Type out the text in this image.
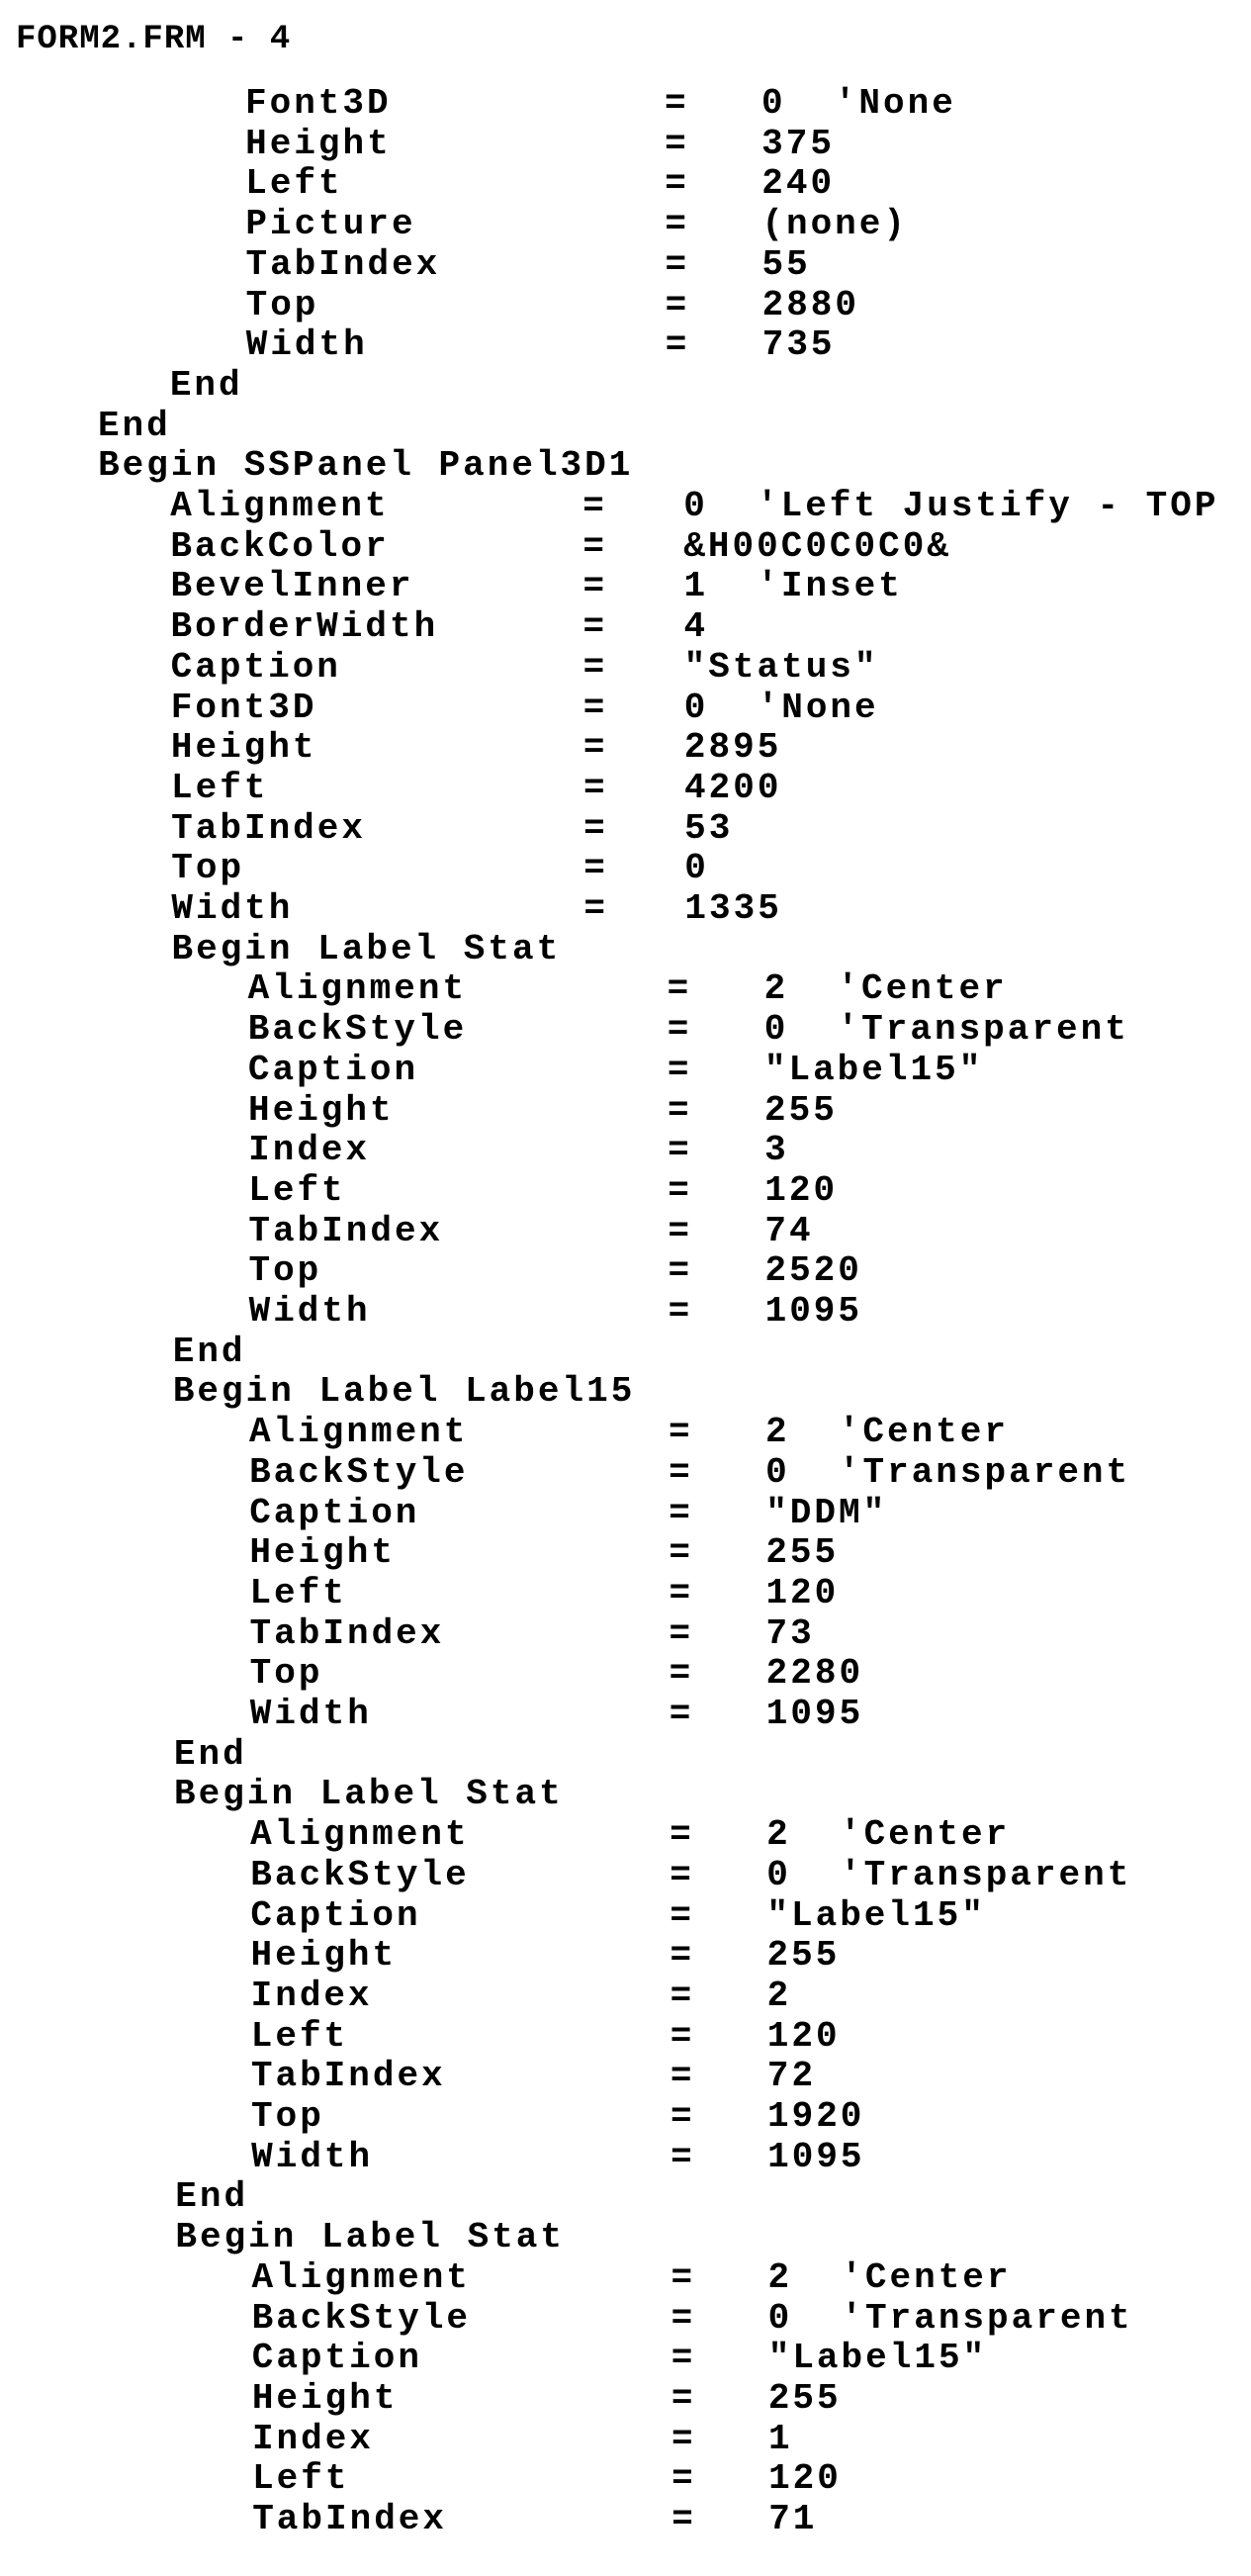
FORM2.FRM - 4
Font3D	= 0  'None
Height	= 375
Left	= 240
Picture	= (none)
TabIndex	= 55
Top	= 2880
Width	= 735
End
End
Begin SSPanel Panel3D1
Alignment	= 0  'Left Justify - TOP
BackColor	= &H00C0C0C0&
BevelInner	= 1  'Inset
BorderWidth	= 4
Caption	= "Status"
Font3D	= 0  'None
Height	= 2895
Left	= 4200
TabIndex	= 53
Top	= 0
Width	= 1335
Begin Label Stat
Alignment	= 2  'Center
BackStyle	= 0  'Transparent
Caption	= "Label15"
Height	= 255
Index	= 3
Left	= 120
TabIndex	= 74
Top	= 2520
Width	= 1095
End
Begin Label Label15
Alignment	= 2  'Center
BackStyle	= 0  'Transparent
Caption	= "DDM"
Height	= 255
Left	= 120
TabIndex	= 73
Top	= 2280
Width	= 1095
End
Begin Label Stat
Alignment	= 2  'Center
BackStyle	= 0  'Transparent
Caption	= "Label15"
Height	= 255
Index	= 2
Left	= 120
TabIndex	= 72
Top	= 1920
Width	= 1095
End
Begin Label Stat
Alignment	= 2  'Center
BackStyle	= 0  'Transparent
Caption	= "Label15"
Height	= 255
Index	= 1
Left	= 120
TabIndex	= 71
